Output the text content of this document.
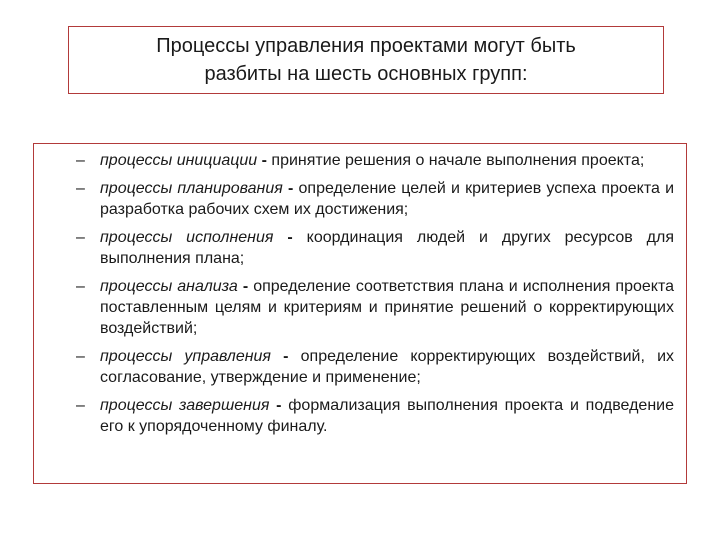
Процессы управления проектами могут быть
разбиты на шесть основных групп:
– процессы инициации - принятие решения о начале выполнения проекта;
– процессы планирования - определение целей и критериев успеха проекта и разработка рабочих схем их достижения;
– процессы исполнения - координация людей и других ресурсов для выполнения плана;
– процессы анализа - определение соответствия плана и исполнения проекта поставленным целям и критериям и принятие решений о корректирующих воздействий;
– процессы управления - определение корректирующих воздействий, их согласование, утверждение и применение;
– процессы завершения - формализация выполнения проекта и подведение его к упорядоченному финалу.
